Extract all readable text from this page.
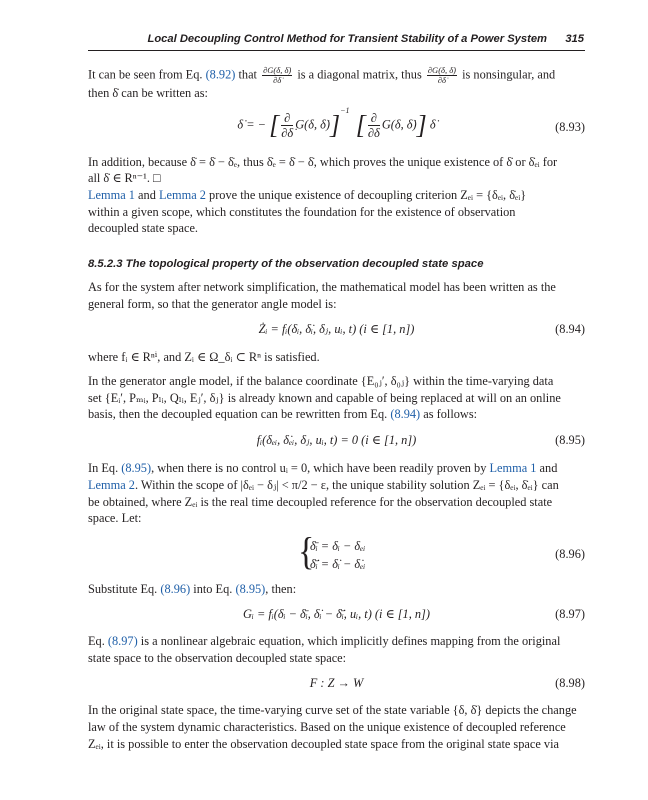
Local Decoupling Control Method for Transient Stability of a Power System 315
It can be seen from Eq. (8.92) that $\frac{\partial G(\delta, \deltȧ)}{\partial\deltȧ}$ is a diagonal matrix, thus $\frac{\partial G(\delta, \deltȧ)}{\partial\deltȧ}$ is nonsingular, and
then δ̇ can be written as:
δ̇ = − [ ∂
∂δ̇
G(δ, δ̇)]$^{-1}$ [ ∂
∂δ
G(δ, δ̇)] δ̇	(8.93)
In addition, because δ̇ = δ̇ − δ̇ₑ, thus δ̇ₑ = δ̇ − δ̇, which proves the unique existence of δ̇ or δ̇ₑᵢ for
all δ̇ ∈ Rⁿ⁻¹. □
Lemma 1 and Lemma 2 prove the unique existence of decoupling criterion Zₑᵢ = {δₑᵢ, δ̇ₑᵢ}
within a given scope, which constitutes the foundation for the existence of observation
decoupled state space.
8.5.2.3 The topological property of the observation decoupled state space
As for the system after network simplification, the mathematical model has been written as the
general form, so that the generator angle model is:
Żᵢ = fᵢ(δᵢ, δ̇ᵢ, δⱼ, uᵢ, t) (i ∈ [1, n])	(8.94)
where fᵢ ∈ Rⁿⁱ, and Zᵢ ∈ Ω_δᵢ ⊂ Rⁿ is satisfied.
In the generator angle model, if the balance coordinate {E₀ⱼ′, δ₀ⱼ} within the time-varying data
set {Eᵢ′, Pₘᵢ, Pₗᵢ, Qₗᵢ, Eⱼ′, δⱼ} is already known and capable of being replaced at will on an online
basis, then the decoupled equation can be rewritten from Eq. (8.94) as follows:
fᵢ(δₑᵢ, δ̇ₑᵢ, δⱼ, uᵢ, t) = 0 (i ∈ [1, n])	(8.95)
In Eq. (8.95), when there is no control uᵢ = 0, which have been readily proven by Lemma 1 and
Lemma 2. Within the scope of |δₑᵢ − δⱼ| < π/2 − ε, the unique stability solution Zₑᵢ = {δₑᵢ, δ̇ₑᵢ} can
be obtained, where Zₑᵢ is the real time decoupled reference for the observation decoupled state
space. Let:
{
δ̄ᵢ = δᵢ − δₑᵢ
δ̄̇ᵢ = δ̇ᵢ − δ̇ₑᵢ
(8.96)
Substitute Eq. (8.96) into Eq. (8.95), then:
Gᵢ = fᵢ(δᵢ − δ̄ᵢ, δ̇ᵢ − δ̄̇ᵢ, uᵢ, t) (i ∈ [1, n])	(8.97)
Eq. (8.97) is a nonlinear algebraic equation, which implicitly defines mapping from the original
state space to the observation decoupled state space:
F : Z → W	(8.98)
In the original state space, the time-varying curve set of the state variable {δ, δ̇} depicts the change
law of the system dynamic characteristics. Based on the unique existence of decoupled reference
Zₑᵢ, it is possible to enter the observation decoupled state space from the original state space via
